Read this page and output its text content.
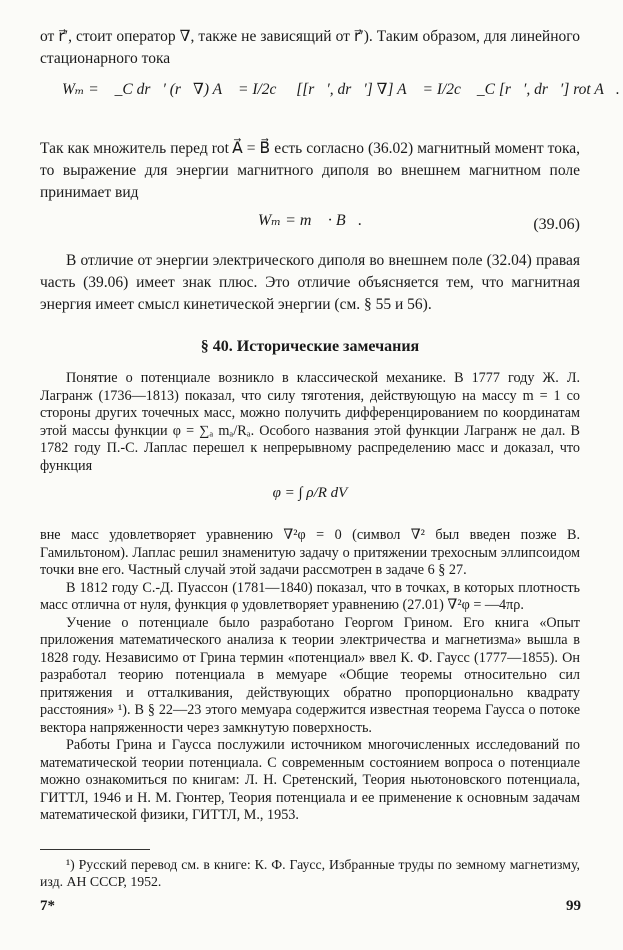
от r⃗′, стоит оператор ∇, также не зависящий от r⃗′). Таким образом, для линейного стационарного тока

Wₘ = ∮_C dr⃗′ (r⃗∇) A⃗ = I/2c ∮ [[r⃗′, dr⃗′] ∇] A⃗ = I/2c ∮_C [r⃗′, dr⃗′] rot A⃗.

Так как множитель перед rot A⃗ = B⃗ есть согласно (36.02) магнитный момент тока, то выражение для энергии магнитного диполя во внешнем магнитном поле принимает вид

Wₘ = m⃗ · B⃗.	(39.06)

В отличие от энергии электрического диполя во внешнем поле (32.04) правая часть (39.06) имеет знак плюс. Это отличие объясняется тем, что магнитная энергия имеет смысл кинетической энергии (см. § 55 и 56).

§ 40. Исторические замечания

Понятие о потенциале возникло в классической механике. В 1777 году Ж. Л. Лагранж (1736—1813) показал, что силу тяготения, действующую на массу m = 1 со стороны других точечных масс, можно получить дифференцированием по координатам этой массы функции φ = ∑ₐ mₐ/Rₐ. Особого названия этой функции Лагранж не дал. В 1782 году П.-С. Лаплас перешел к непрерывному распределению масс и доказал, что функция

φ = ∫ ρ/R dV

вне масс удовлетворяет уравнению ∇²φ = 0 (символ ∇² был введен позже В. Гамильтоном). Лаплас решил знаменитую задачу о притяжении трехосным эллипсоидом точки вне его. Частный случай этой задачи рассмотрен в задаче 6 § 27.

В 1812 году С.-Д. Пуассон (1781—1840) показал, что в точках, в которых плотность масс отлична от нуля, функция φ удовлетворяет уравнению (27.01) ∇²φ = —4πρ.

Учение о потенциале было разработано Георгом Грином. Его книга «Опыт приложения математического анализа к теории электричества и магнетизма» вышла в 1828 году. Независимо от Грина термин «потенциал» ввел К. Ф. Гаусс (1777—1855). Он разработал теорию потенциала в мемуаре «Общие теоремы относительно сил притяжения и отталкивания, действующих обратно пропорционально квадрату расстояния» ¹). В § 22—23 этого мемуара содержится известная теорема Гаусса о потоке вектора напряженности через замкнутую поверхность.

Работы Грина и Гаусса послужили источником многочисленных исследований по математической теории потенциала. С современным состоянием вопроса о потенциале можно ознакомиться по книгам: Л. Н. Сретенский, Теория ньютоновского потенциала, ГИТТЛ, 1946 и Н. М. Гюнтер, Теория потенциала и ее применение к основным задачам математической физики, ГИТТЛ, М., 1953.

¹) Русский перевод см. в книге: К. Ф. Гаусс, Избранные труды по земному магнетизму, изд. АН СССР, 1952.

7*	99
